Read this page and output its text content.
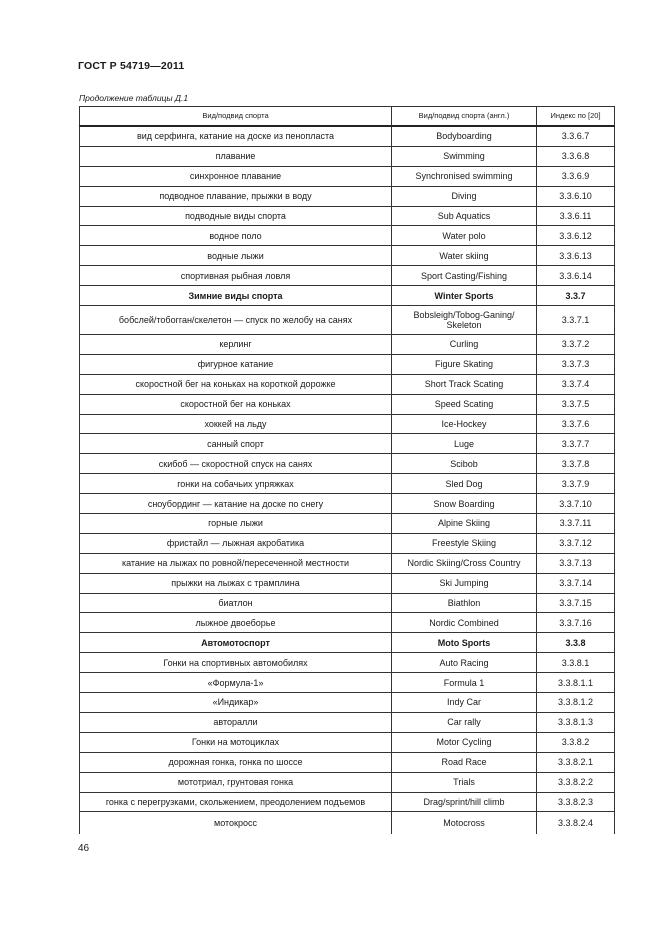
ГОСТ Р 54719—2011
Продолжение таблицы Д.1
Вид/подвид спорта	Вид/подвид спорта (англ.)	Индекс по [20]
вид серфинга, катание на доске из пенопласта	Bodyboarding	3.3.6.7
плавание	Swimming	3.3.6.8
синхронное плавание	Synchronised swimming	3.3.6.9
подводное плавание, прыжки в воду	Diving	3.3.6.10
подводные виды спорта	Sub Aquatics	3.3.6.11
водное поло	Water polo	3.3.6.12
водные лыжи	Water skiing	3.3.6.13
спортивная рыбная ловля	Sport Casting/Fishing	3.3.6.14
Зимние виды спорта	Winter Sports	3.3.7
бобслей/тобогган/скелетон — спуск по желобу на санях	Bobsleigh/Tobog-Ganing/ Skeleton	3.3.7.1
керлинг	Curling	3.3.7.2
фигурное катание	Figure Skating	3.3.7.3
скоростной бег на коньках на короткой дорожке	Short Track Scating	3.3.7.4
скоростной бег на коньках	Speed Scating	3.3.7.5
хоккей на льду	Ice-Hockey	3.3.7.6
санный спорт	Luge	3.3.7.7
скибоб — скоростной спуск на санях	Scibob	3.3.7.8
гонки на собачьих упряжках	Sled Dog	3.3.7.9
сноубординг — катание на доске по снегу	Snow Boarding	3.3.7.10
горные лыжи	Alpine Skiing	3.3.7.11
фристайл — лыжная акробатика	Freestyle Skiing	3.3.7.12
катание на лыжах по ровной/пересеченной местности	Nordic Skiing/Cross Country	3.3.7.13
прыжки на лыжах с трамплина	Ski Jumping	3.3.7.14
биатлон	Biathlon	3.3.7.15
лыжное двоеборье	Nordic Combined	3.3.7.16
Автомотоспорт	Moto Sports	3.3.8
Гонки на спортивных автомобилях	Auto Racing	3.3.8.1
«Формула-1»	Formula 1	3.3.8.1.1
«Индикар»	Indy Car	3.3.8.1.2
авторалли	Car rally	3.3.8.1.3
Гонки на мотоциклах	Motor Cycling	3.3.8.2
дорожная гонка, гонка по шоссе	Road Race	3.3.8.2.1
мототриал, грунтовая гонка	Trials	3.3.8.2.2
гонка с перегрузками, скольжением, преодолением подъемов	Drag/sprint/hill climb	3.3.8.2.3
мотокросс	Motocross	3.3.8.2.4
46
